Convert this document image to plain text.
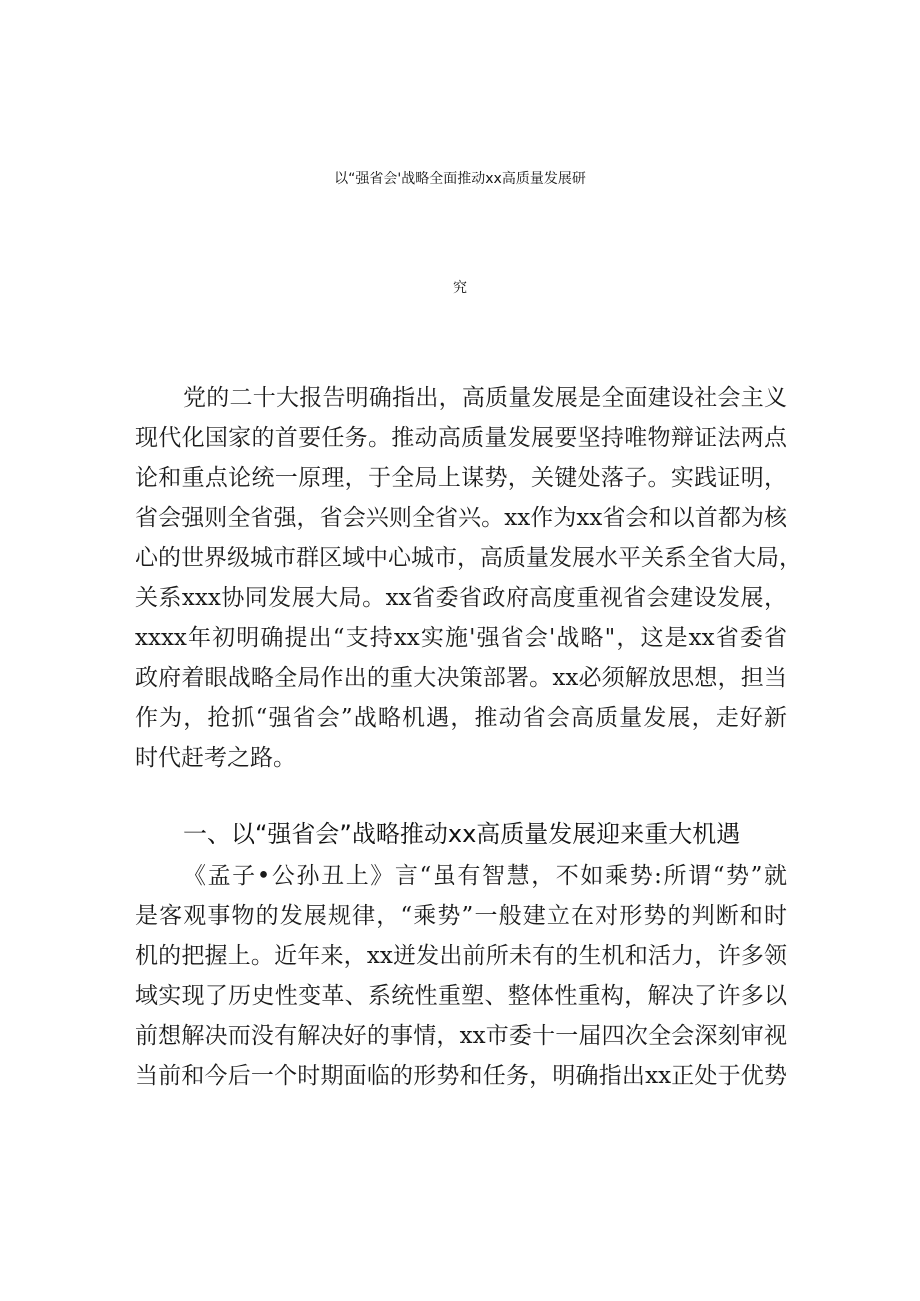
以“强省会'战略全面推动xx高质量发展研
究
党的二十大报告明确指出，高质量发展是全面建设社会主义
现代化国家的首要任务。推动高质量发展要坚持唯物辩证法两点
论和重点论统一原理，于全局上谋势，关键处落子。实践证明，
省会强则全省强，省会兴则全省兴。xx作为xx省会和以首都为核
心的世界级城市群区域中心城市，高质量发展水平关系全省大局，
关系xxx协同发展大局。xx省委省政府高度重视省会建设发展，
xxxx年初明确提出“支持xx实施'强省会'战略"，这是xx省委省
政府着眼战略全局作出的重大决策部署。xx必须解放思想，担当
作为，抢抓“强省会”战略机遇，推动省会高质量发展，走好新
时代赶考之路。
一、以“强省会”战略推动xx高质量发展迎来重大机遇
《孟子•公孙丑上》言“虽有智慧，不如乘势:所谓“势”就
是客观事物的发展规律，“乘势”一般建立在对形势的判断和时
机的把握上。近年来，xx迸发出前所未有的生机和活力，许多领
域实现了历史性变革、系统性重塑、整体性重构，解决了许多以
前想解决而没有解决好的事情，xx市委十一届四次全会深刻审视
当前和今后一个时期面临的形势和任务，明确指出xx正处于优势
